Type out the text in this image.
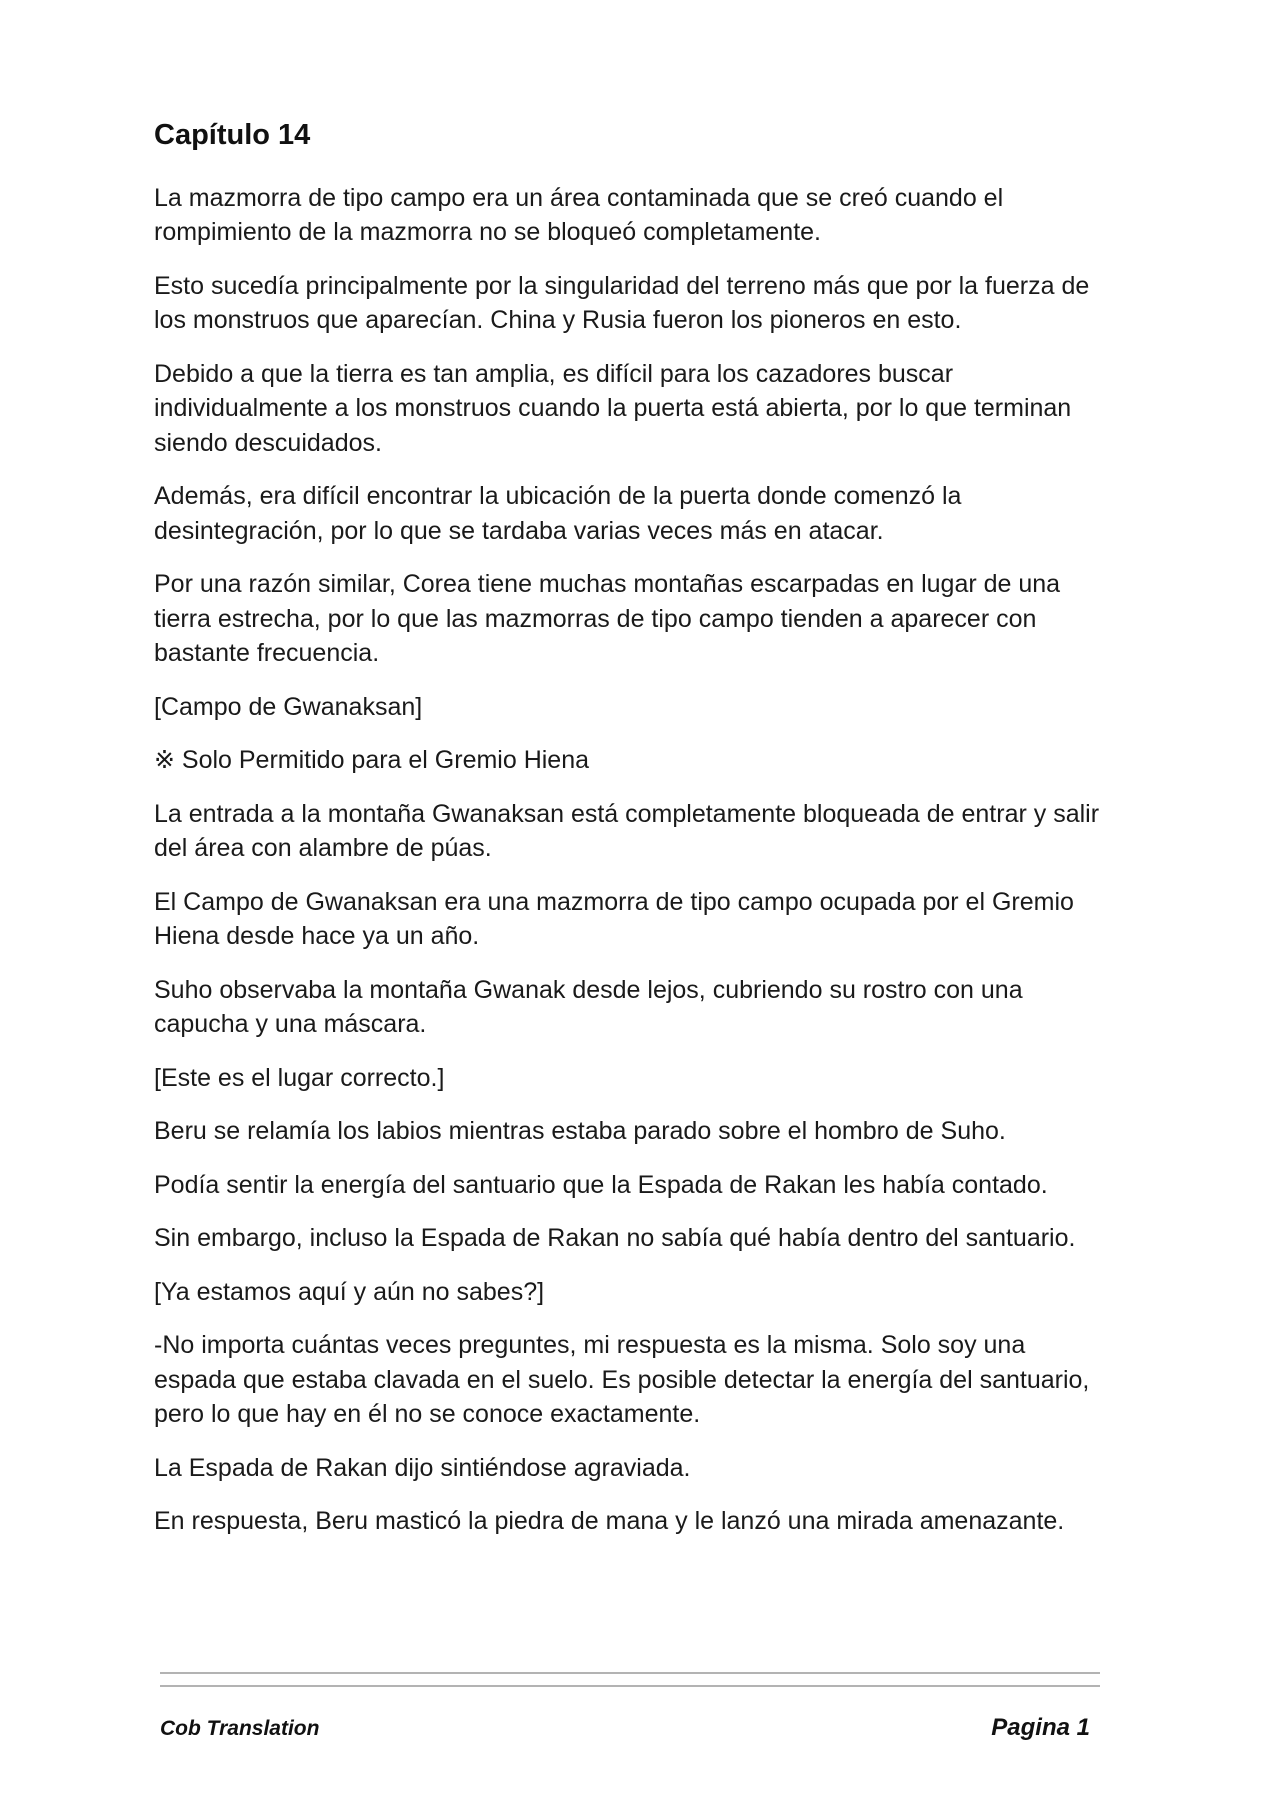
Capítulo 14

La mazmorra de tipo campo era un área contaminada que se creó cuando el rompimiento de la mazmorra no se bloqueó completamente.

Esto sucedía principalmente por la singularidad del terreno más que por la fuerza de los monstruos que aparecían. China y Rusia fueron los pioneros en esto.

Debido a que la tierra es tan amplia, es difícil para los cazadores buscar individualmente a los monstruos cuando la puerta está abierta, por lo que terminan siendo descuidados.

Además, era difícil encontrar la ubicación de la puerta donde comenzó la desintegración, por lo que se tardaba varias veces más en atacar.

Por una razón similar, Corea tiene muchas montañas escarpadas en lugar de una tierra estrecha, por lo que las mazmorras de tipo campo tienden a aparecer con bastante frecuencia.

[Campo de Gwanaksan]

※ Solo Permitido para el Gremio Hiena

La entrada a la montaña Gwanaksan está completamente bloqueada de entrar y salir del área con alambre de púas.

El Campo de Gwanaksan era una mazmorra de tipo campo ocupada por el Gremio Hiena desde hace ya un año.

Suho observaba la montaña Gwanak desde lejos, cubriendo su rostro con una capucha y una máscara.

[Este es el lugar correcto.]

Beru se relamía los labios mientras estaba parado sobre el hombro de Suho.

Podía sentir la energía del santuario que la Espada de Rakan les había contado.

Sin embargo, incluso la Espada de Rakan no sabía qué había dentro del santuario.

[Ya estamos aquí y aún no sabes?]

-No importa cuántas veces preguntes, mi respuesta es la misma. Solo soy una espada que estaba clavada en el suelo. Es posible detectar la energía del santuario, pero lo que hay en él no se conoce exactamente.

La Espada de Rakan dijo sintiéndose agraviada.

En respuesta, Beru masticó la piedra de mana y le lanzó una mirada amenazante.

Cob Translation	Pagina 1
